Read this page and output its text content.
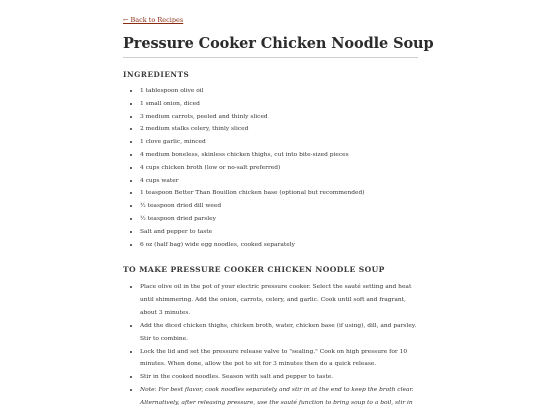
← Back to Recipes
Pressure Cooker Chicken Noodle Soup
INGREDIENTS
• 1 tablespoon olive oil
• 1 small onion, diced
• 3 medium carrots, peeled and thinly sliced
• 2 medium stalks celery, thinly sliced
• 1 clove garlic, minced
• 4 medium boneless, skinless chicken thighs, cut into bite-sized pieces
• 4 cups chicken broth (low or no-salt preferred)
• 4 cups water
• 1 teaspoon Better Than Bouillon chicken base (optional but recommended)
• ½ teaspoon dried dill weed
• ½ teaspoon dried parsley
• Salt and pepper to taste
• 6 oz (half bag) wide egg noodles, cooked separately
TO MAKE PRESSURE COOKER CHICKEN NOODLE SOUP
• Place olive oil in the pot of your electric pressure cooker. Select the sauté setting and heat until shimmering. Add the onion, carrots, celery, and garlic. Cook until soft and fragrant, about 3 minutes.
• Add the diced chicken thighs, chicken broth, water, chicken base (if using), dill, and parsley. Stir to combine.
• Lock the lid and set the pressure release valve to "sealing." Cook on high pressure for 10 minutes. When done, allow the pot to sit for 3 minutes then do a quick release.
• Stir in the cooked noodles. Season with salt and pepper to taste.
• Note: For best flavor, cook noodles separately and stir in at the end to keep the broth clear. Alternatively, after releasing pressure, use the sauté function to bring soup to a boil, stir in
